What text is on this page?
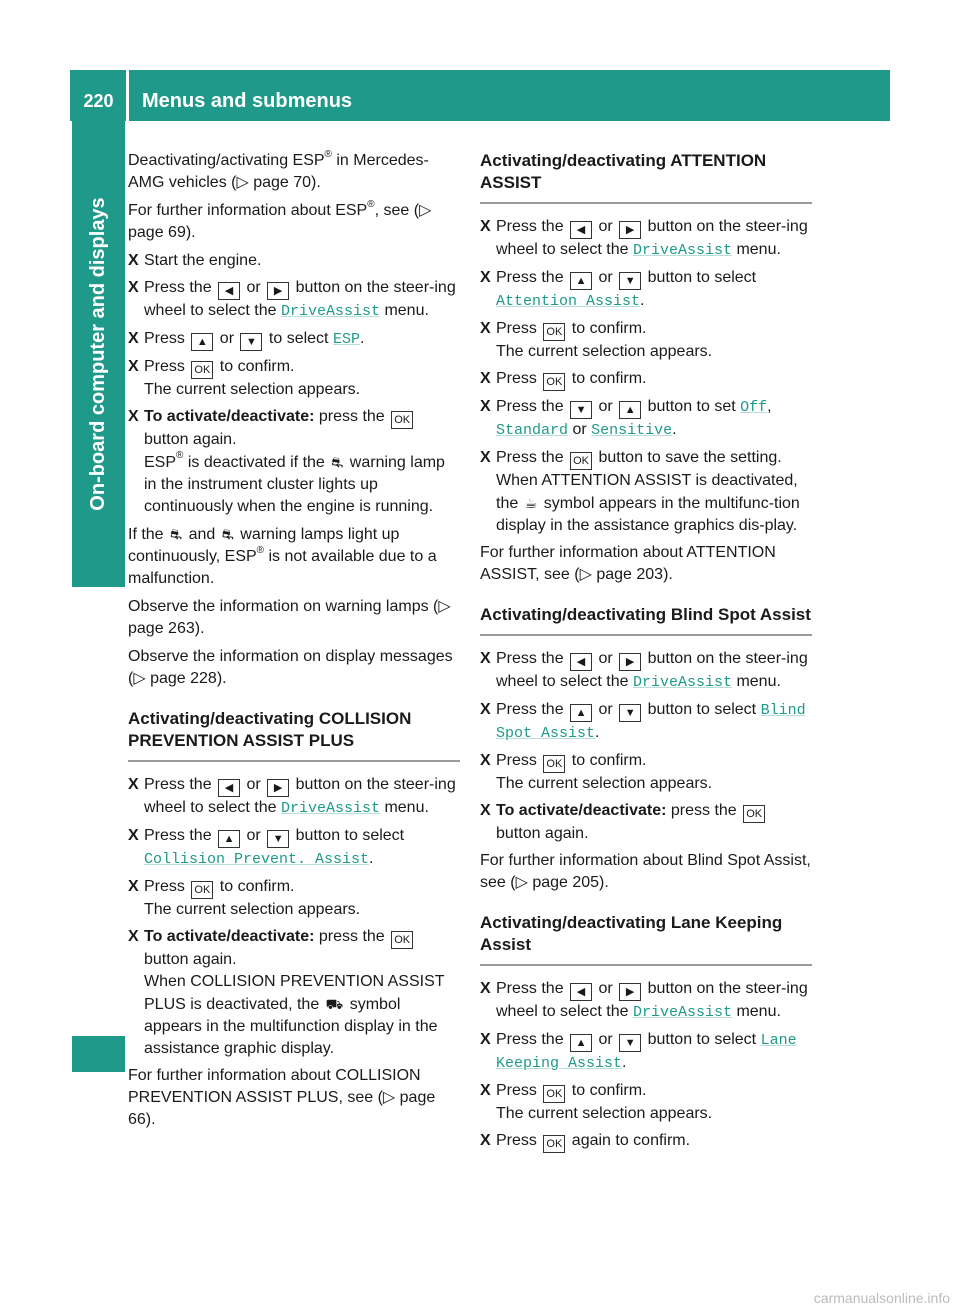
220	Menus and submenus
On-board computer and displays

Deactivating/activating ESP® in Mercedes-AMG vehicles (▷ page 70).

For further information about ESP®, see (▷ page 69).

X Start the engine.
X Press the ◀ or ▶ button on the steer-ing wheel to select the DriveAssist menu.
X Press ▲ or ▼ to select ESP.
X Press OK to confirm.
The current selection appears.
X To activate/deactivate: press the OK button again.
ESP® is deactivated if the ⛐ warning lamp in the instrument cluster lights up continuously when the engine is running.

If the ⛐ and ⛐ warning lamps light up continuously, ESP® is not available due to a malfunction.

Observe the information on warning lamps (▷ page 263).

Observe the information on display messages (▷ page 228).

Activating/deactivating COLLISION PREVENTION ASSIST PLUS
X Press the ◀ or ▶ button on the steer-ing wheel to select the DriveAssist menu.
X Press the ▲ or ▼ button to select Collision Prevent. Assist.
X Press OK to confirm.
The current selection appears.
X To activate/deactivate: press the OK button again.
When COLLISION PREVENTION ASSIST PLUS is deactivated, the ⛟ symbol appears in the multifunction display in the assistance graphic display.

For further information about COLLISION PREVENTION ASSIST PLUS, see (▷ page 66).

Activating/deactivating ATTENTION ASSIST
X Press the ◀ or ▶ button on the steer-ing wheel to select the DriveAssist menu.
X Press the ▲ or ▼ button to select Attention Assist.
X Press OK to confirm.
The current selection appears.
X Press OK to confirm.
X Press the ▼ or ▲ button to set Off, Standard or Sensitive.
X Press the OK button to save the setting.
When ATTENTION ASSIST is deactivated, the ☕ symbol appears in the multifunc-tion display in the assistance graphics dis-play.

For further information about ATTENTION ASSIST, see (▷ page 203).

Activating/deactivating Blind Spot Assist
X Press the ◀ or ▶ button on the steer-ing wheel to select the DriveAssist menu.
X Press the ▲ or ▼ button to select Blind Spot Assist.
X Press OK to confirm.
The current selection appears.
X To activate/deactivate: press the OK button again.

For further information about Blind Spot Assist, see (▷ page 205).

Activating/deactivating Lane Keeping Assist
X Press the ◀ or ▶ button on the steer-ing wheel to select the DriveAssist menu.
X Press the ▲ or ▼ button to select Lane Keeping Assist.
X Press OK to confirm.
The current selection appears.
X Press OK again to confirm.
carmanualsonline.info
